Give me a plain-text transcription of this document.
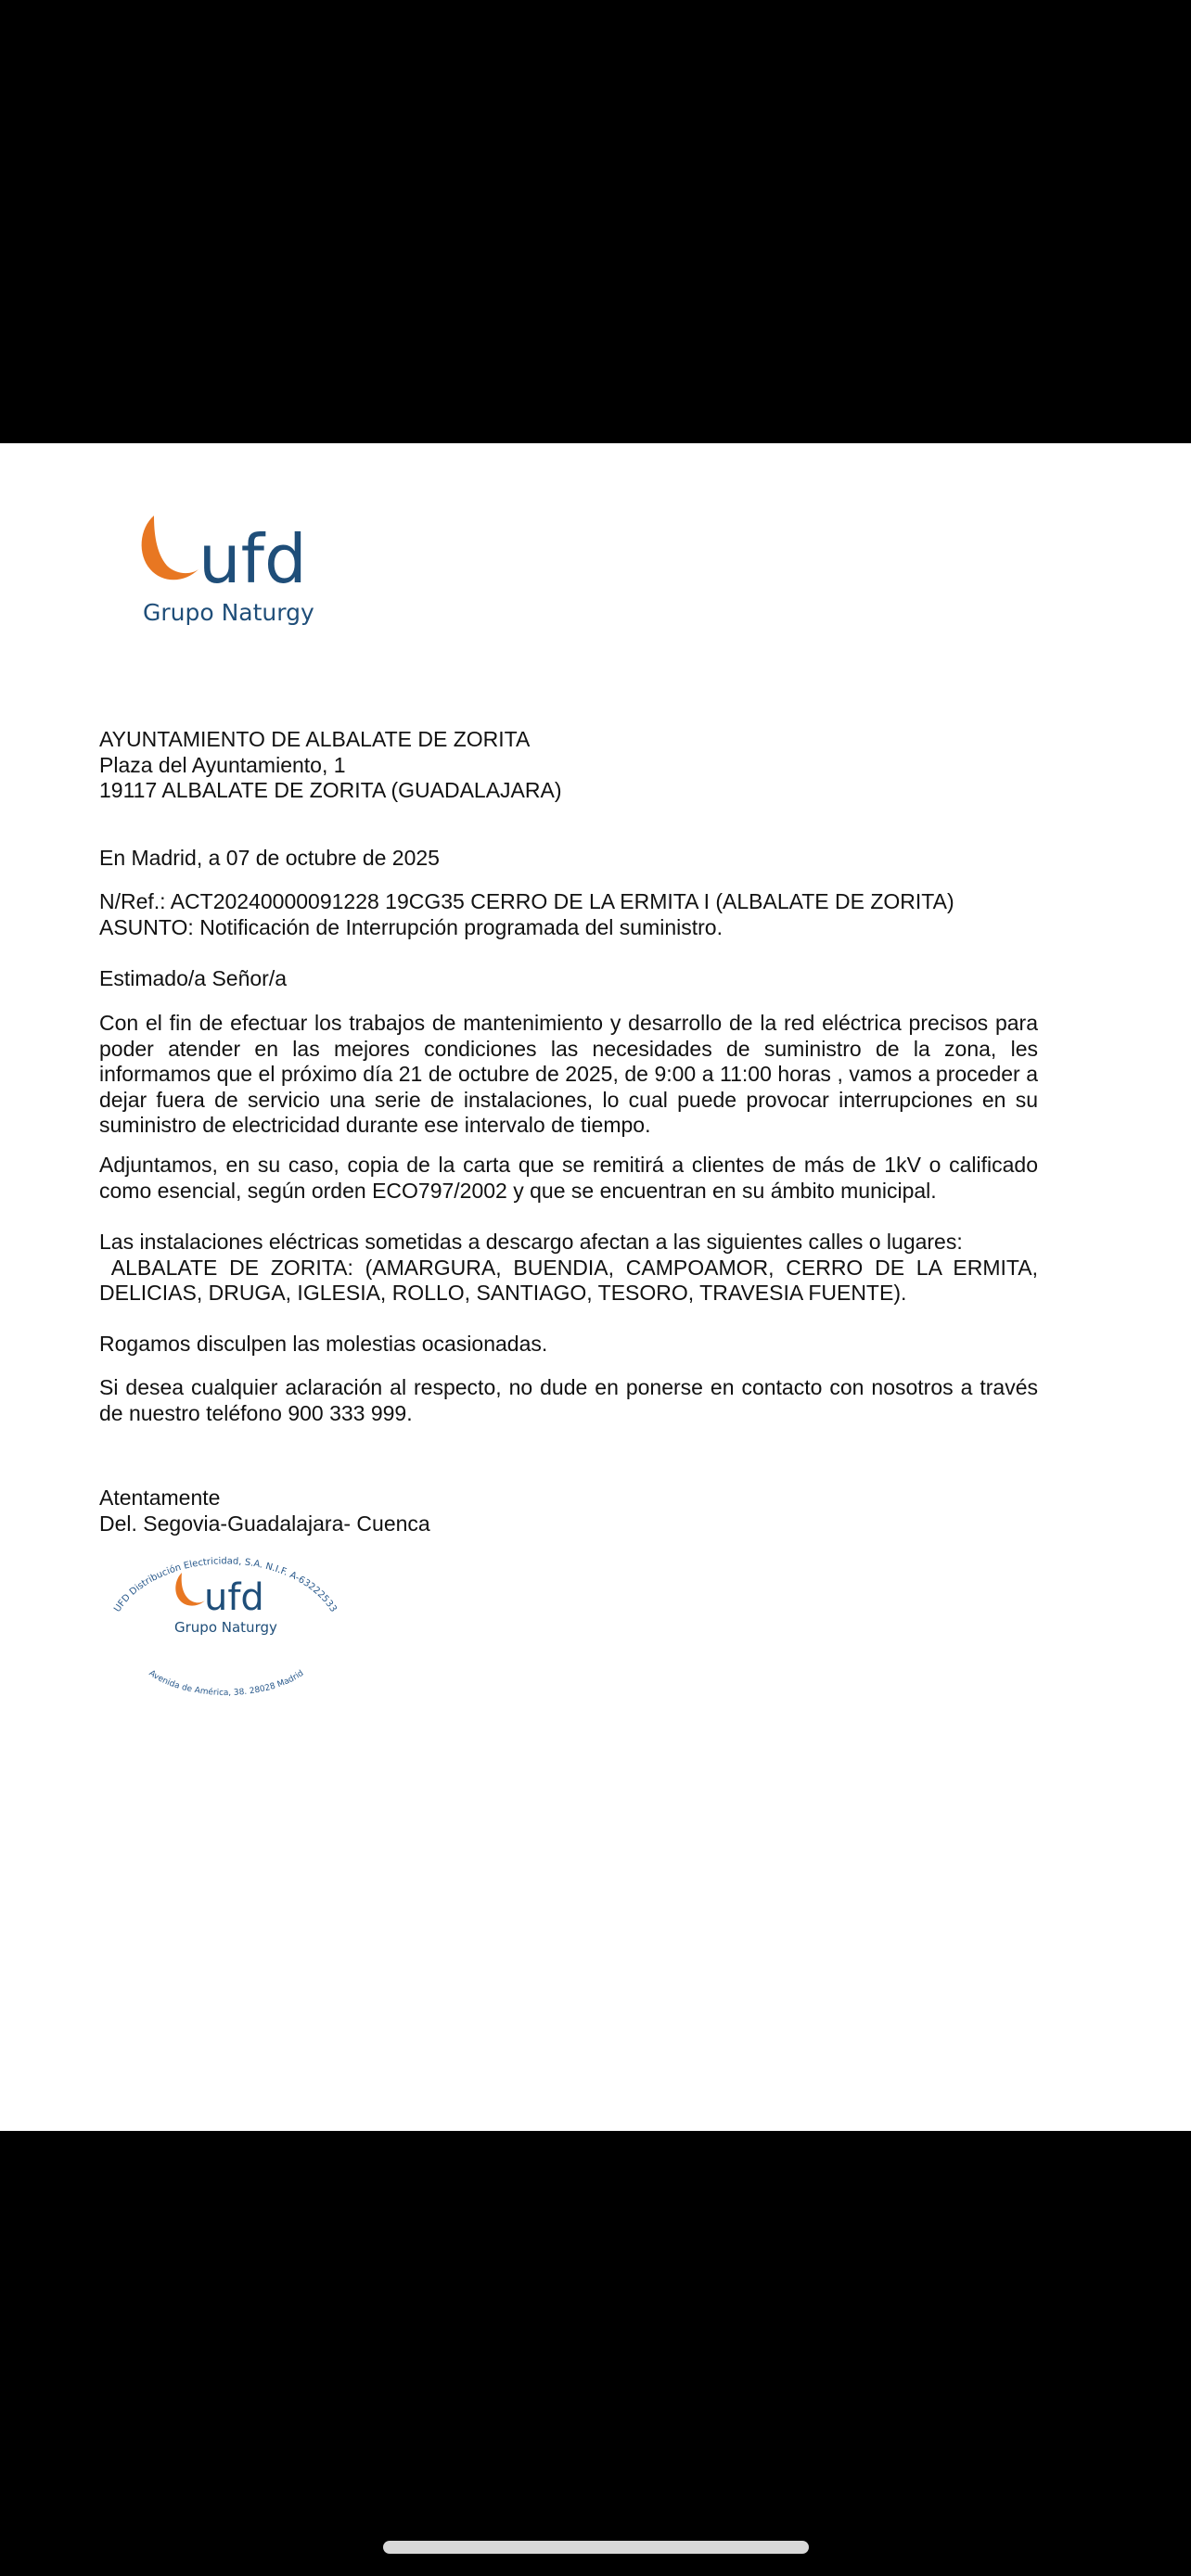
ufd
Grupo Naturgy

AYUNTAMIENTO DE ALBALATE DE ZORITA

Plaza del Ayuntamiento, 1

19117 ALBALATE DE ZORITA (GUADALAJARA)

En Madrid, a 07 de octubre de 2025

N/Ref.: ACT20240000091228 19CG35 CERRO DE LA ERMITA I (ALBALATE DE ZORITA)

ASUNTO: Notificación de Interrupción programada del suministro.

Estimado/a Señor/a

Con el fin de efectuar los trabajos de mantenimiento y desarrollo de la red eléctrica precisos para poder atender en las mejores condiciones las necesidades de suministro de la zona, les informamos que el próximo día 21 de octubre de 2025, de 9:00 a 11:00 horas , vamos a proceder a dejar fuera de servicio una serie de instalaciones, lo cual puede provocar interrupciones en su suministro de electricidad durante ese intervalo de tiempo.

Adjuntamos, en su caso, copia de la carta que se remitirá a clientes de más de 1kV o calificado como esencial, según orden ECO797/2002 y que se encuentran en su ámbito municipal.

Las instalaciones eléctricas sometidas a descargo afectan a las siguientes calles o lugares:

ALBALATE DE ZORITA: (AMARGURA, BUENDIA, CAMPOAMOR, CERRO DE LA ERMITA, DELICIAS, DRUGA, IGLESIA, ROLLO, SANTIAGO, TESORO, TRAVESIA FUENTE).

Rogamos disculpen las molestias ocasionadas.

Si desea cualquier aclaración al respecto, no dude en ponerse en contacto con nosotros a través de nuestro teléfono 900 333 999.

Atentamente

Del. Segovia-Guadalajara- Cuenca

UFD Distribución Electricidad, S.A. N.I.F. A-63222533
ufd
Grupo Naturgy
Avenida de América, 38. 28028 Madrid
